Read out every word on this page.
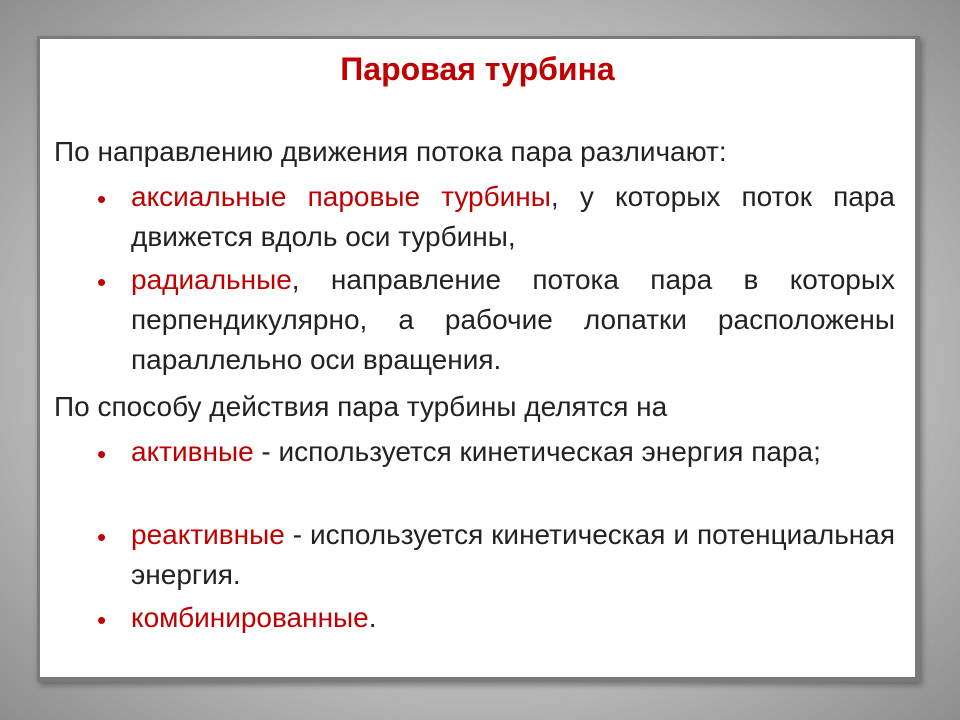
Паровая турбина
По направлению движения потока пара различают:
• аксиальные паровые турбины, у которых поток пара движется вдоль оси турбины,
• радиальные, направление потока пара в которых перпендикулярно, а рабочие лопатки расположены параллельно оси вращения.
По способу действия пара турбины делятся на
• активные - используется кинетическая энергия пара;
• реактивные - используется кинетическая и потенциальная энергия.
• комбинированные.
